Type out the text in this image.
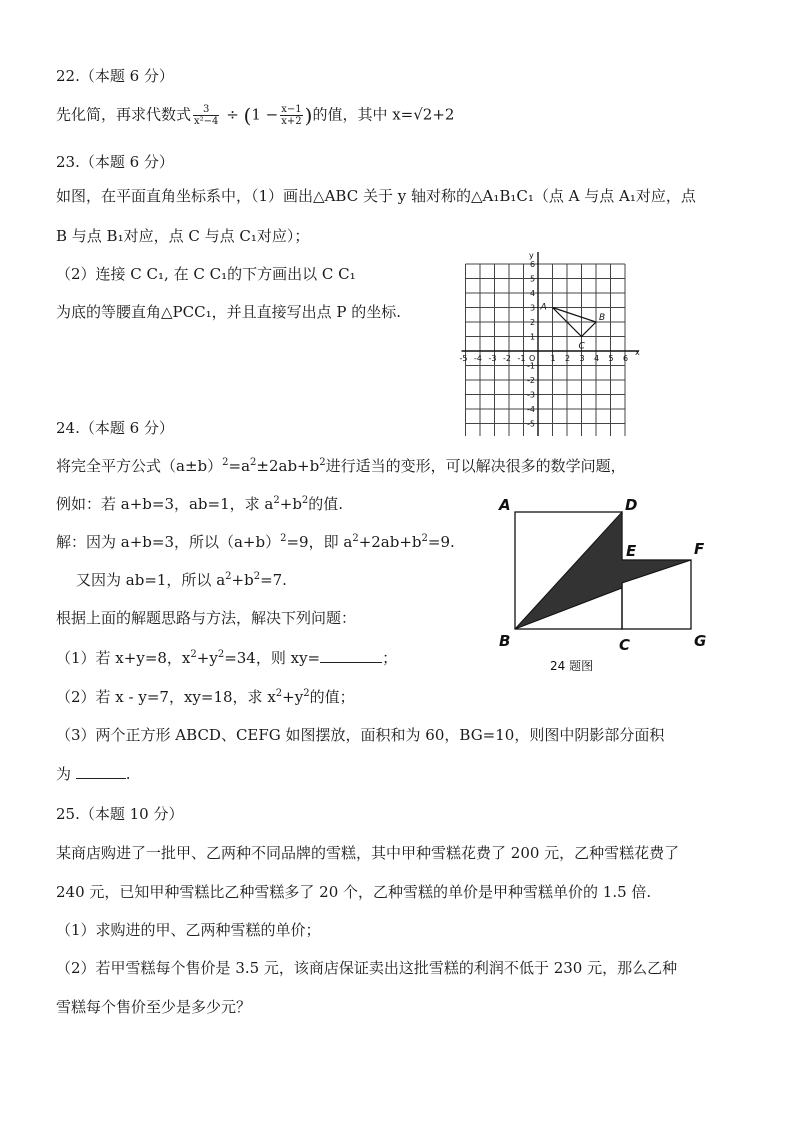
22.（本题 6 分）
先化简，再求代数式 $\frac{3}{\text{x²−4}} \div (1 - \frac{x-1}{x+2}$ )的值，其中 x=√2+2
23.（本题 6 分）
如图，在平面直角坐标系中，（1）画出△ABC 关于 y 轴对称的△A₁B₁C₁（点 A 与点 A₁对应，点
B 与点 B₁对应，点 C 与点 C₁对应）；
（2）连接 C C₁, 在 C C₁的下方画出以 C C₁
为底的等腰直角△PCC₁，并且直接写出点 P 的坐标.
-5 -4 -3 -2 -1	1 2 3 4 5 6
6
5
4
3
2
1
-1
-2
-3
-4
-5
O
x
y
A
B
C
24.（本题 6 分）
将完全平方公式$(a\pm b)^2=a^2\pm 2ab+b^2$进行适当的变形，可以解决很多的数学问题，
例如：若 a+b=3，ab=1，求 $a^2+b^2$的值.
解：因为 a+b=3，所以$(a+b)^2=9$，即 $a^2+2ab+b^2=9$.
又因为 ab=1，所以 $a^2+b^2=7$.
根据上面的解题思路与方法，解决下列问题：
（1）若 x+y=8，$x^2+y^2=34$，则 xy=	；
（2）若 x - y=7，xy=18，求 $x^2+y^2$的值；
（3）两个正方形 ABCD、CEFG 如图摆放，面积和为 60，BG=10，则图中阴影部分面积
为	.
A	D
E	F
B	C	G
24 题图
25.（本题 10 分）
某商店购进了一批甲、乙两种不同品牌的雪糕，其中甲种雪糕花费了 200 元，乙种雪糕花费了
240 元，已知甲种雪糕比乙种雪糕多了 20 个，乙种雪糕的单价是甲种雪糕单价的 1.5 倍.
（1）求购进的甲、乙两种雪糕的单价；
（2）若甲雪糕每个售价是 3.5 元，该商店保证卖出这批雪糕的利润不低于 230 元，那么乙种
雪糕每个售价至少是多少元？
